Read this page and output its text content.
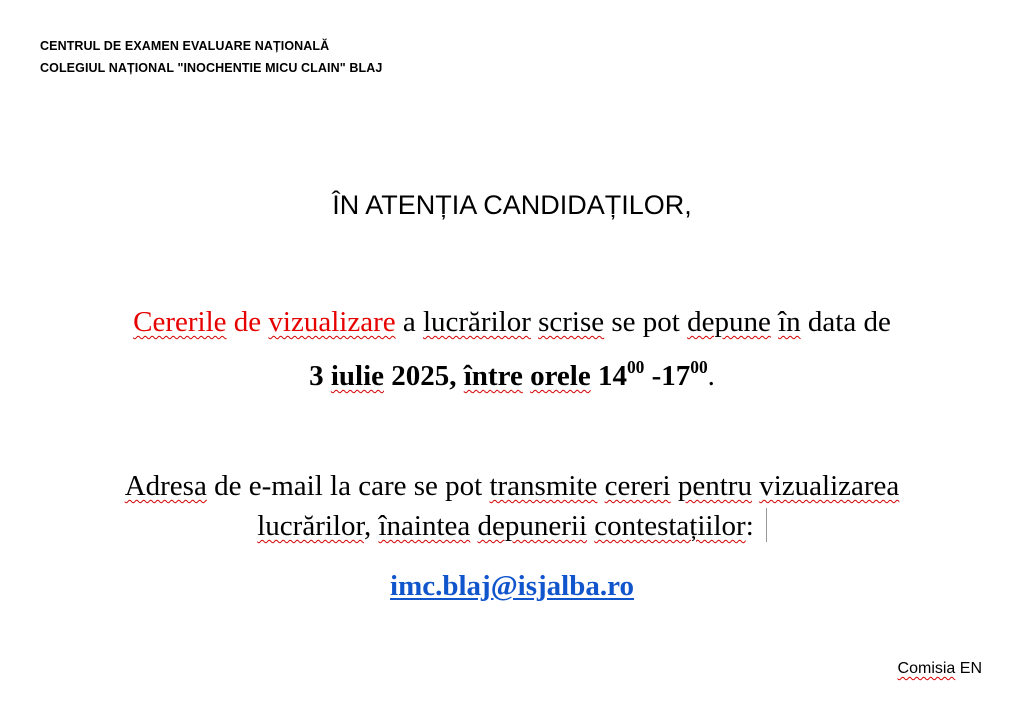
CENTRUL DE EXAMEN EVALUARE NAȚIONALĂ
COLEGIUL NAȚIONAL "INOCHENTIE MICU CLAIN" BLAJ
ÎN ATENȚIA CANDIDAȚILOR,
Cererile de vizualizare a lucrărilor scrise se pot depune în data de
3 iulie 2025, între orele $14^{00}$ $-17^{00}$.
Adresa de e-mail la care se pot transmite cereri pentru vizualizarea
lucrărilor, înaintea depunerii contestațiilor:
imc.blaj@isjalba.ro
Comisia EN
